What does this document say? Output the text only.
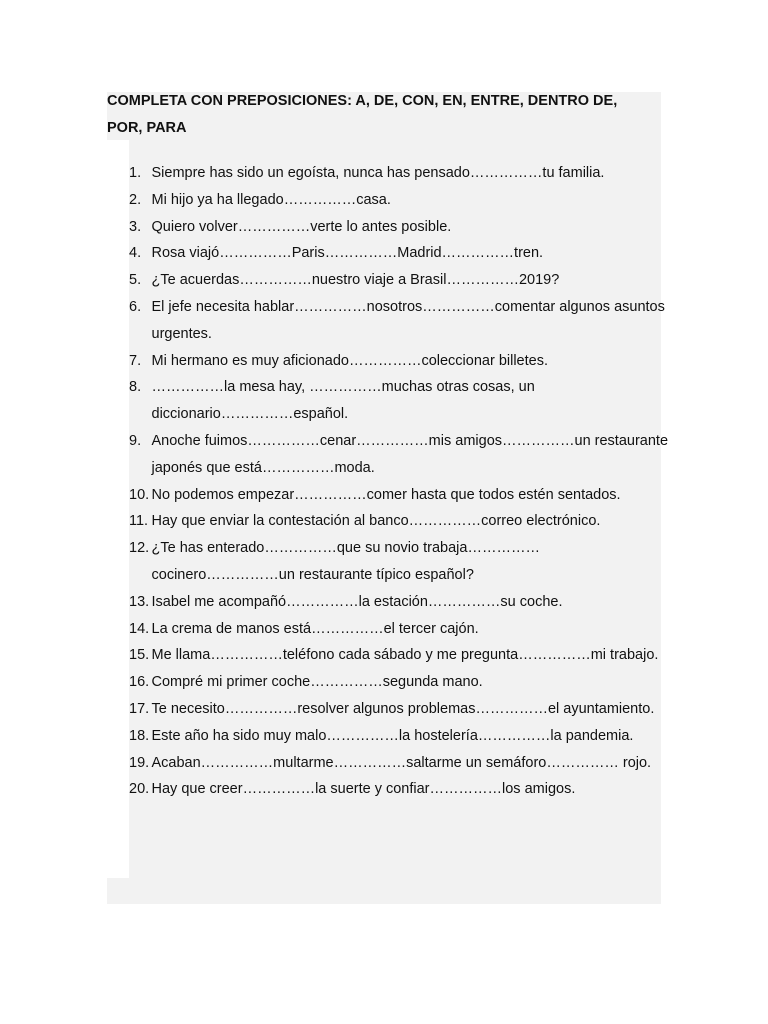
COMPLETA CON PREPOSICIONES: A, DE, CON, EN, ENTRE, DENTRO DE, POR, PARA
1. Siempre has sido un egoísta, nunca has pensado……………tu familia.
2. Mi hijo ya ha llegado……………casa.
3. Quiero volver……………verte lo antes posible.
4. Rosa viajó……………Paris……………Madrid……………tren.
5. ¿Te acuerdas……………nuestro viaje a Brasil……………2019?
6. El jefe necesita hablar……………nosotros……………comentar algunos asuntos urgentes.
7. Mi hermano es muy aficionado……………coleccionar billetes.
8. ……………la mesa hay, ……………muchas otras cosas, un diccionario……………español.
9. Anoche fuimos……………cenar……………mis amigos……………un restaurante japonés que está……………moda.
10. No podemos empezar……………comer hasta que todos estén sentados.
11. Hay que enviar la contestación al banco……………correo electrónico.
12. ¿Te has enterado……………que su novio trabaja…………… cocinero……………un restaurante típico español?
13. Isabel me acompañó……………la estación……………su coche.
14. La crema de manos está……………el tercer cajón.
15. Me llama……………teléfono cada sábado y me pregunta……………mi trabajo.
16. Compré mi primer coche……………segunda mano.
17. Te necesito……………resolver algunos problemas……………el ayuntamiento.
18. Este año ha sido muy malo……………la hostelería……………la pandemia.
19. Acaban……………multarme……………saltarme un semáforo…………… rojo.
20. Hay que creer……………la suerte y confiar……………los amigos.
